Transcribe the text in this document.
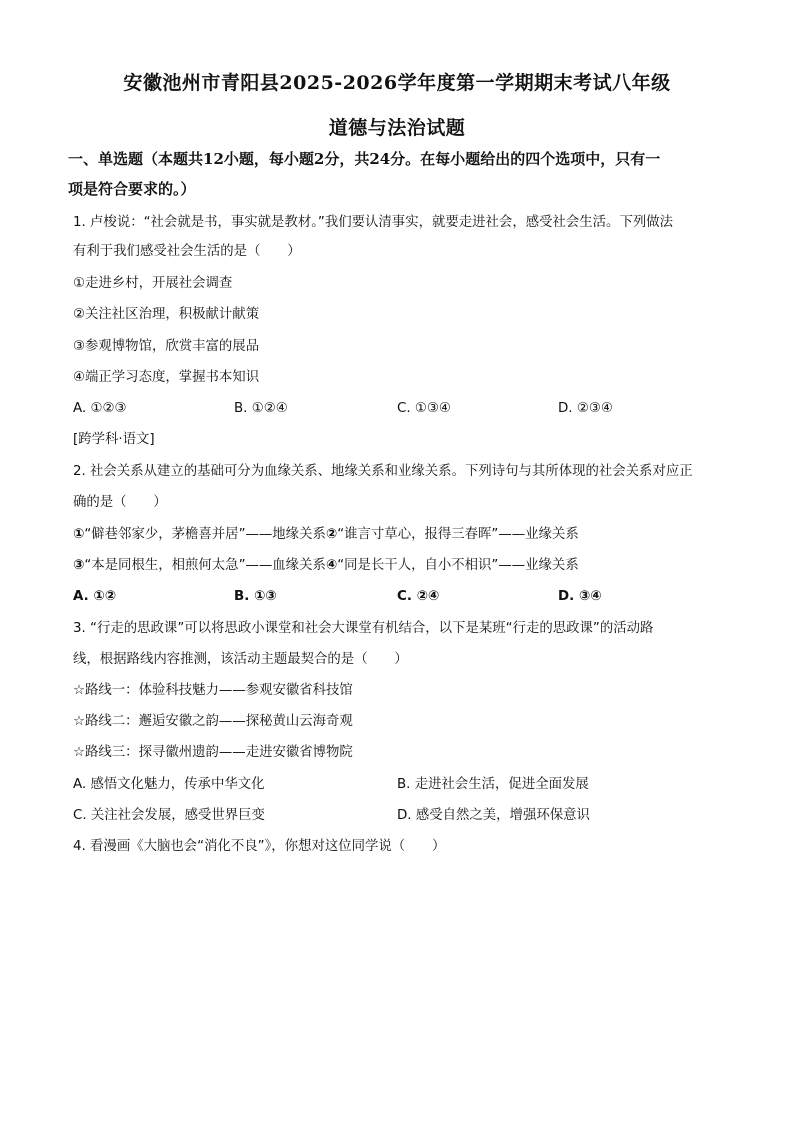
安徽池州市青阳县2025-2026学年度第一学期期末考试八年级
道德与法治试题
一、单选题（本题共12小题，每小题2分，共24分。在每小题给出的四个选项中，只有一
项是符合要求的。）
1. 卢梭说：“社会就是书，事实就是教材。”我们要认清事实，就要走进社会，感受社会生活。下列做法
有利于我们感受社会生活的是（　　）
①走进乡村，开展社会调查
②关注社区治理，积极献计献策
③参观博物馆，欣赏丰富的展品
④端正学习态度，掌握书本知识
A. ①②③	B. ①②④	C. ①③④	D. ②③④
[跨学科·语文]
2. 社会关系从建立的基础可分为血缘关系、地缘关系和业缘关系。下列诗句与其所体现的社会关系对应正
确的是（　　）
①“僻巷邻家少，茅檐喜并居”——地缘关系②“谁言寸草心，报得三春晖”——业缘关系
③“本是同根生，相煎何太急”——血缘关系④“同是长干人，自小不相识”——业缘关系
A. ①②	B. ①③	C. ②④	D. ③④
3. “行走的思政课”可以将思政小课堂和社会大课堂有机结合，以下是某班“行走的思政课”的活动路
线，根据路线内容推测，该活动主题最契合的是（　　）
☆路线一：体验科技魅力——参观安徽省科技馆
☆路线二：邂逅安徽之韵——探秘黄山云海奇观
☆路线三：探寻徽州遗韵——走进安徽省博物院
A. 感悟文化魅力，传承中华文化	B. 走进社会生活，促进全面发展
C. 关注社会发展，感受世界巨变	D. 感受自然之美，增强环保意识
4. 看漫画《大脑也会“消化不良”》，你想对这位同学说（　　）
